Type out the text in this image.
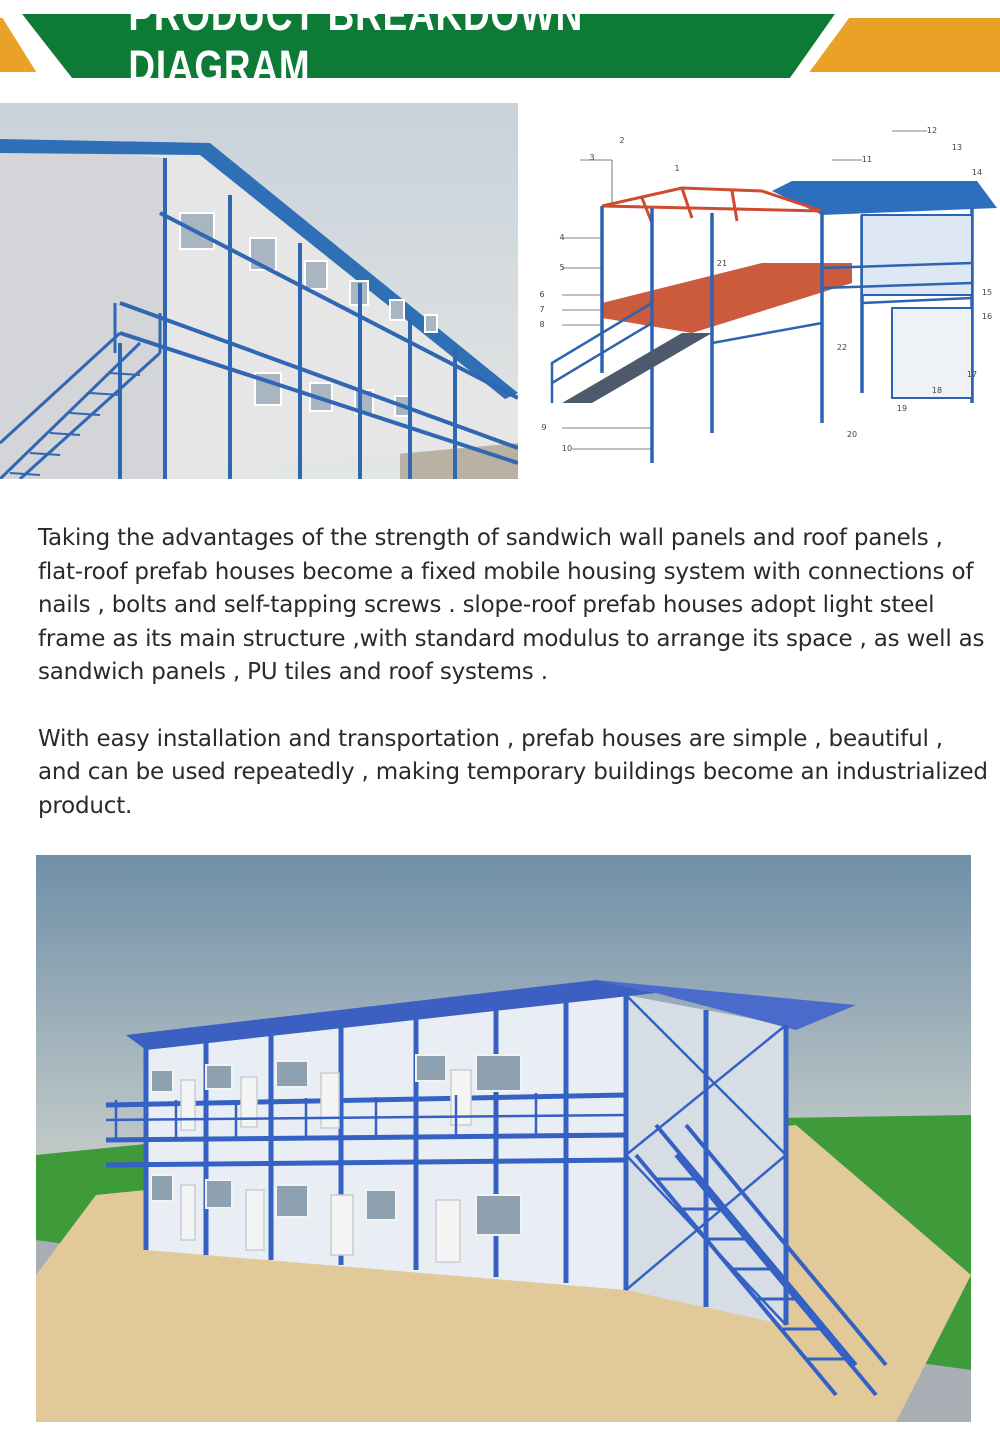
PRODUCT BREAKDOWN DIAGRAM
2
3
1
4
5
6
7
8
9
10
11
12
13
14
15
16
17
18
19
20
21
22

Taking the advantages of the strength of sandwich wall panels and roof panels , flat-roof prefab houses become a fixed mobile housing system with connections of nails , bolts and self-tapping screws . slope-roof prefab houses adopt light steel frame as its main structure ,with standard modulus to arrange its space , as well as sandwich panels , PU tiles and roof systems .

With easy installation and transportation , prefab houses are simple , beautiful , and can be used repeatedly , making temporary buildings become an industrialized product.
